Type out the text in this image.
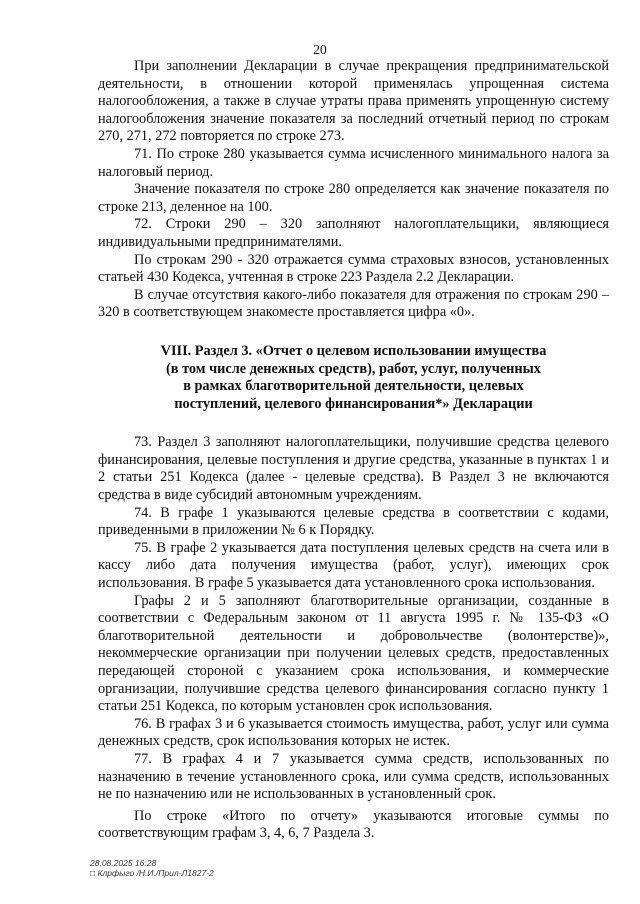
20

При заполнении Декларации в случае прекращения предпринимательской деятельности, в отношении которой применялась упрощенная система налогообложения, а также в случае утраты права применять упрощенную систему налогообложения значение показателя за последний отчетный период по строкам 270, 271, 272 повторяется по строке 273.

71. По строке 280 указывается сумма исчисленного минимального налога за налоговый период.

Значение показателя по строке 280 определяется как значение показателя по строке 213, деленное на 100.

72. Строки 290 – 320 заполняют налогоплательщики, являющиеся индивидуальными предпринимателями.

По строкам 290 - 320 отражается сумма страховых взносов, установленных статьей 430 Кодекса, учтенная в строке 223 Раздела 2.2 Декларации.

В случае отсутствия какого-либо показателя для отражения по строкам 290 – 320 в соответствующем знакоместе проставляется цифра «0».

VIII. Раздел 3. «Отчет о целевом использовании имущества
(в том числе денежных средств), работ, услуг, полученных
в рамках благотворительной деятельности, целевых
поступлений, целевого финансирования*» Декларации

73. Раздел 3 заполняют налогоплательщики, получившие средства целевого финансирования, целевые поступления и другие средства, указанные в пунктах 1 и 2 статьи 251 Кодекса (далее - целевые средства). В Раздел 3 не включаются средства в виде субсидий автономным учреждениям.

74. В графе 1 указываются целевые средства в соответствии с кодами, приведенными в приложении № 6 к Порядку.

75. В графе 2 указывается дата поступления целевых средств на счета или в кассу либо дата получения имущества (работ, услуг), имеющих срок использования. В графе 5 указывается дата установленного срока использования.

Графы 2 и 5 заполняют благотворительные организации, созданные в соответствии с Федеральным законом от 11 августа 1995 г. № 135-ФЗ «О благотворительной деятельности и добровольчестве (волонтерстве)», некоммерческие организации при получении целевых средств, предоставленных передающей стороной с указанием срока использования, и коммерческие организации, получившие средства целевого финансирования согласно пункту 1 статьи 251 Кодекса, по которым установлен срок использования.

76. В графах 3 и 6 указывается стоимость имущества, работ, услуг или сумма денежных средств, срок использования которых не истек.

77. В графах 4 и 7 указывается сумма средств, использованных по назначению в течение установленного срока, или сумма средств, использованных не по назначению или не использованных в установленный срок.

По строке «Итого по отчету» указываются итоговые суммы по соответствующим графам 3, 4, 6, 7 Раздела 3.

28.08.2025 16:28
□ Клрфыго /Н.И./Прил-Л1827-2
